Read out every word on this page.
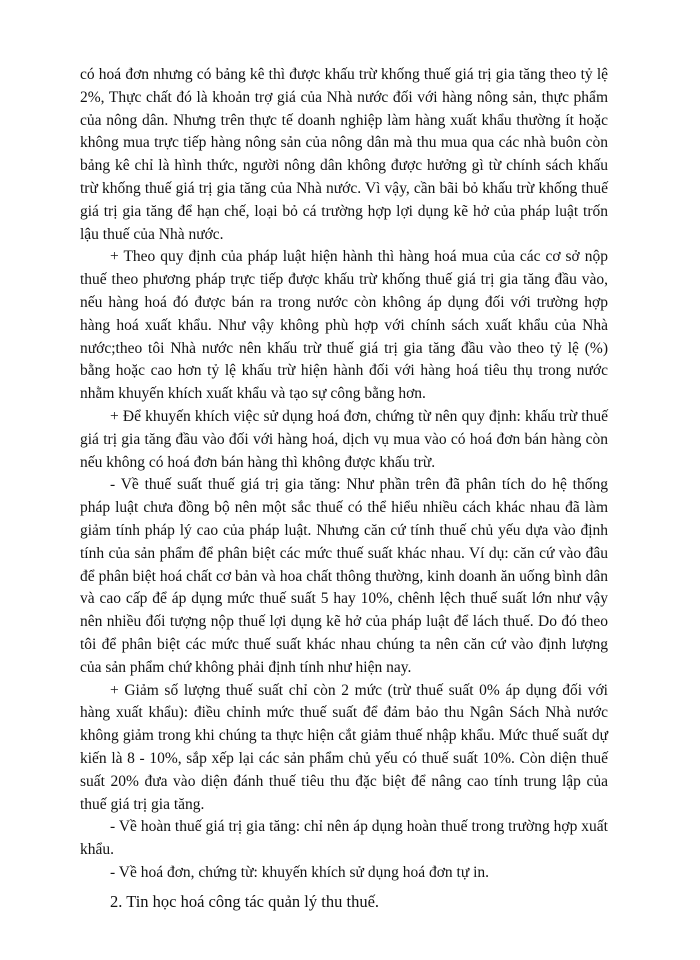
có hoá đơn nhưng có bảng kê thì được khấu trừ khống thuế giá trị gia tăng theo tỷ lệ 2%, Thực chất đó là khoản trợ giá của Nhà nước đối với hàng nông sản, thực phẩm của nông dân. Nhưng trên thực tế doanh nghiệp làm hàng xuất khẩu thường ít hoặc không mua trực tiếp hàng nông sản của nông dân mà thu mua qua các nhà buôn còn bảng kê chỉ là hình thức, người nông dân không được hưởng gì từ chính sách khấu trừ khống thuế giá trị gia tăng của Nhà nước. Vì vậy, cần bãi bỏ khấu trừ khống thuế giá trị gia tăng để hạn chế, loại bỏ cá trường hợp lợi dụng kẽ hở của pháp luật trốn lậu thuế của Nhà nước.

+ Theo quy định của pháp luật hiện hành thì hàng hoá mua của các cơ sở nộp thuế theo phương pháp trực tiếp được khấu trừ khống thuế giá trị gia tăng đầu vào, nếu hàng hoá đó được bán ra trong nước còn không áp dụng đối với trường hợp hàng hoá xuất khẩu. Như vậy không phù hợp với chính sách xuất khẩu của Nhà nước;theo tôi Nhà nước nên khấu trừ thuế giá trị gia tăng đầu vào theo tỷ lệ (%) bằng hoặc cao hơn tỷ lệ khấu trừ hiện hành đối với hàng hoá tiêu thụ trong nước nhằm khuyến khích xuất khẩu và tạo sự công bằng hơn.

+ Để khuyến khích việc sử dụng hoá đơn, chứng từ nên quy định: khấu trừ thuế giá trị gia tăng đầu vào đối với hàng hoá, dịch vụ mua vào có hoá đơn bán hàng còn nếu không có hoá đơn bán hàng thì không được khấu trừ.

- Về thuế suất thuế giá trị gia tăng: Như phần trên đã phân tích do hệ thống pháp luật chưa đồng bộ nên một sắc thuế có thể hiểu nhiều cách khác nhau đã làm giảm tính pháp lý cao của pháp luật. Nhưng căn cứ tính thuế chủ yếu dựa vào định tính của sản phẩm để phân biệt các mức thuế suất khác nhau. Ví dụ: căn cứ vào đâu để phân biệt hoá chất cơ bản và hoa chất thông thường, kinh doanh ăn uống bình dân và cao cấp để áp dụng mức thuế suất 5 hay 10%, chênh lệch thuế suất lớn như vậy nên nhiều đối tượng nộp thuế lợi dụng kẽ hở của pháp luật để lách thuế. Do đó theo tôi để phân biệt các mức thuế suất khác nhau chúng ta nên căn cứ vào định lượng của sản phẩm chứ không phải định tính như hiện nay.

+ Giảm số lượng thuế suất chỉ còn 2 mức (trừ thuế suất 0% áp dụng đối với hàng xuất khẩu): điều chỉnh mức thuế suất để đảm bảo thu Ngân Sách Nhà nước không giảm trong khi chúng ta thực hiện cắt giảm thuế nhập khẩu. Mức thuế suất dự kiến là 8 - 10%, sắp xếp lại các sản phẩm chủ yếu có thuế suất 10%. Còn diện thuế suất 20% đưa vào diện đánh thuế tiêu thu đặc biệt để nâng cao tính trung lập của thuế giá trị gia tăng.

- Về hoàn thuế giá trị gia tăng: chỉ nên áp dụng hoàn thuế trong trường hợp xuất khẩu.

- Về hoá đơn, chứng từ: khuyến khích sử dụng hoá đơn tự in.

2. Tin học hoá công tác quản lý thu thuế.
